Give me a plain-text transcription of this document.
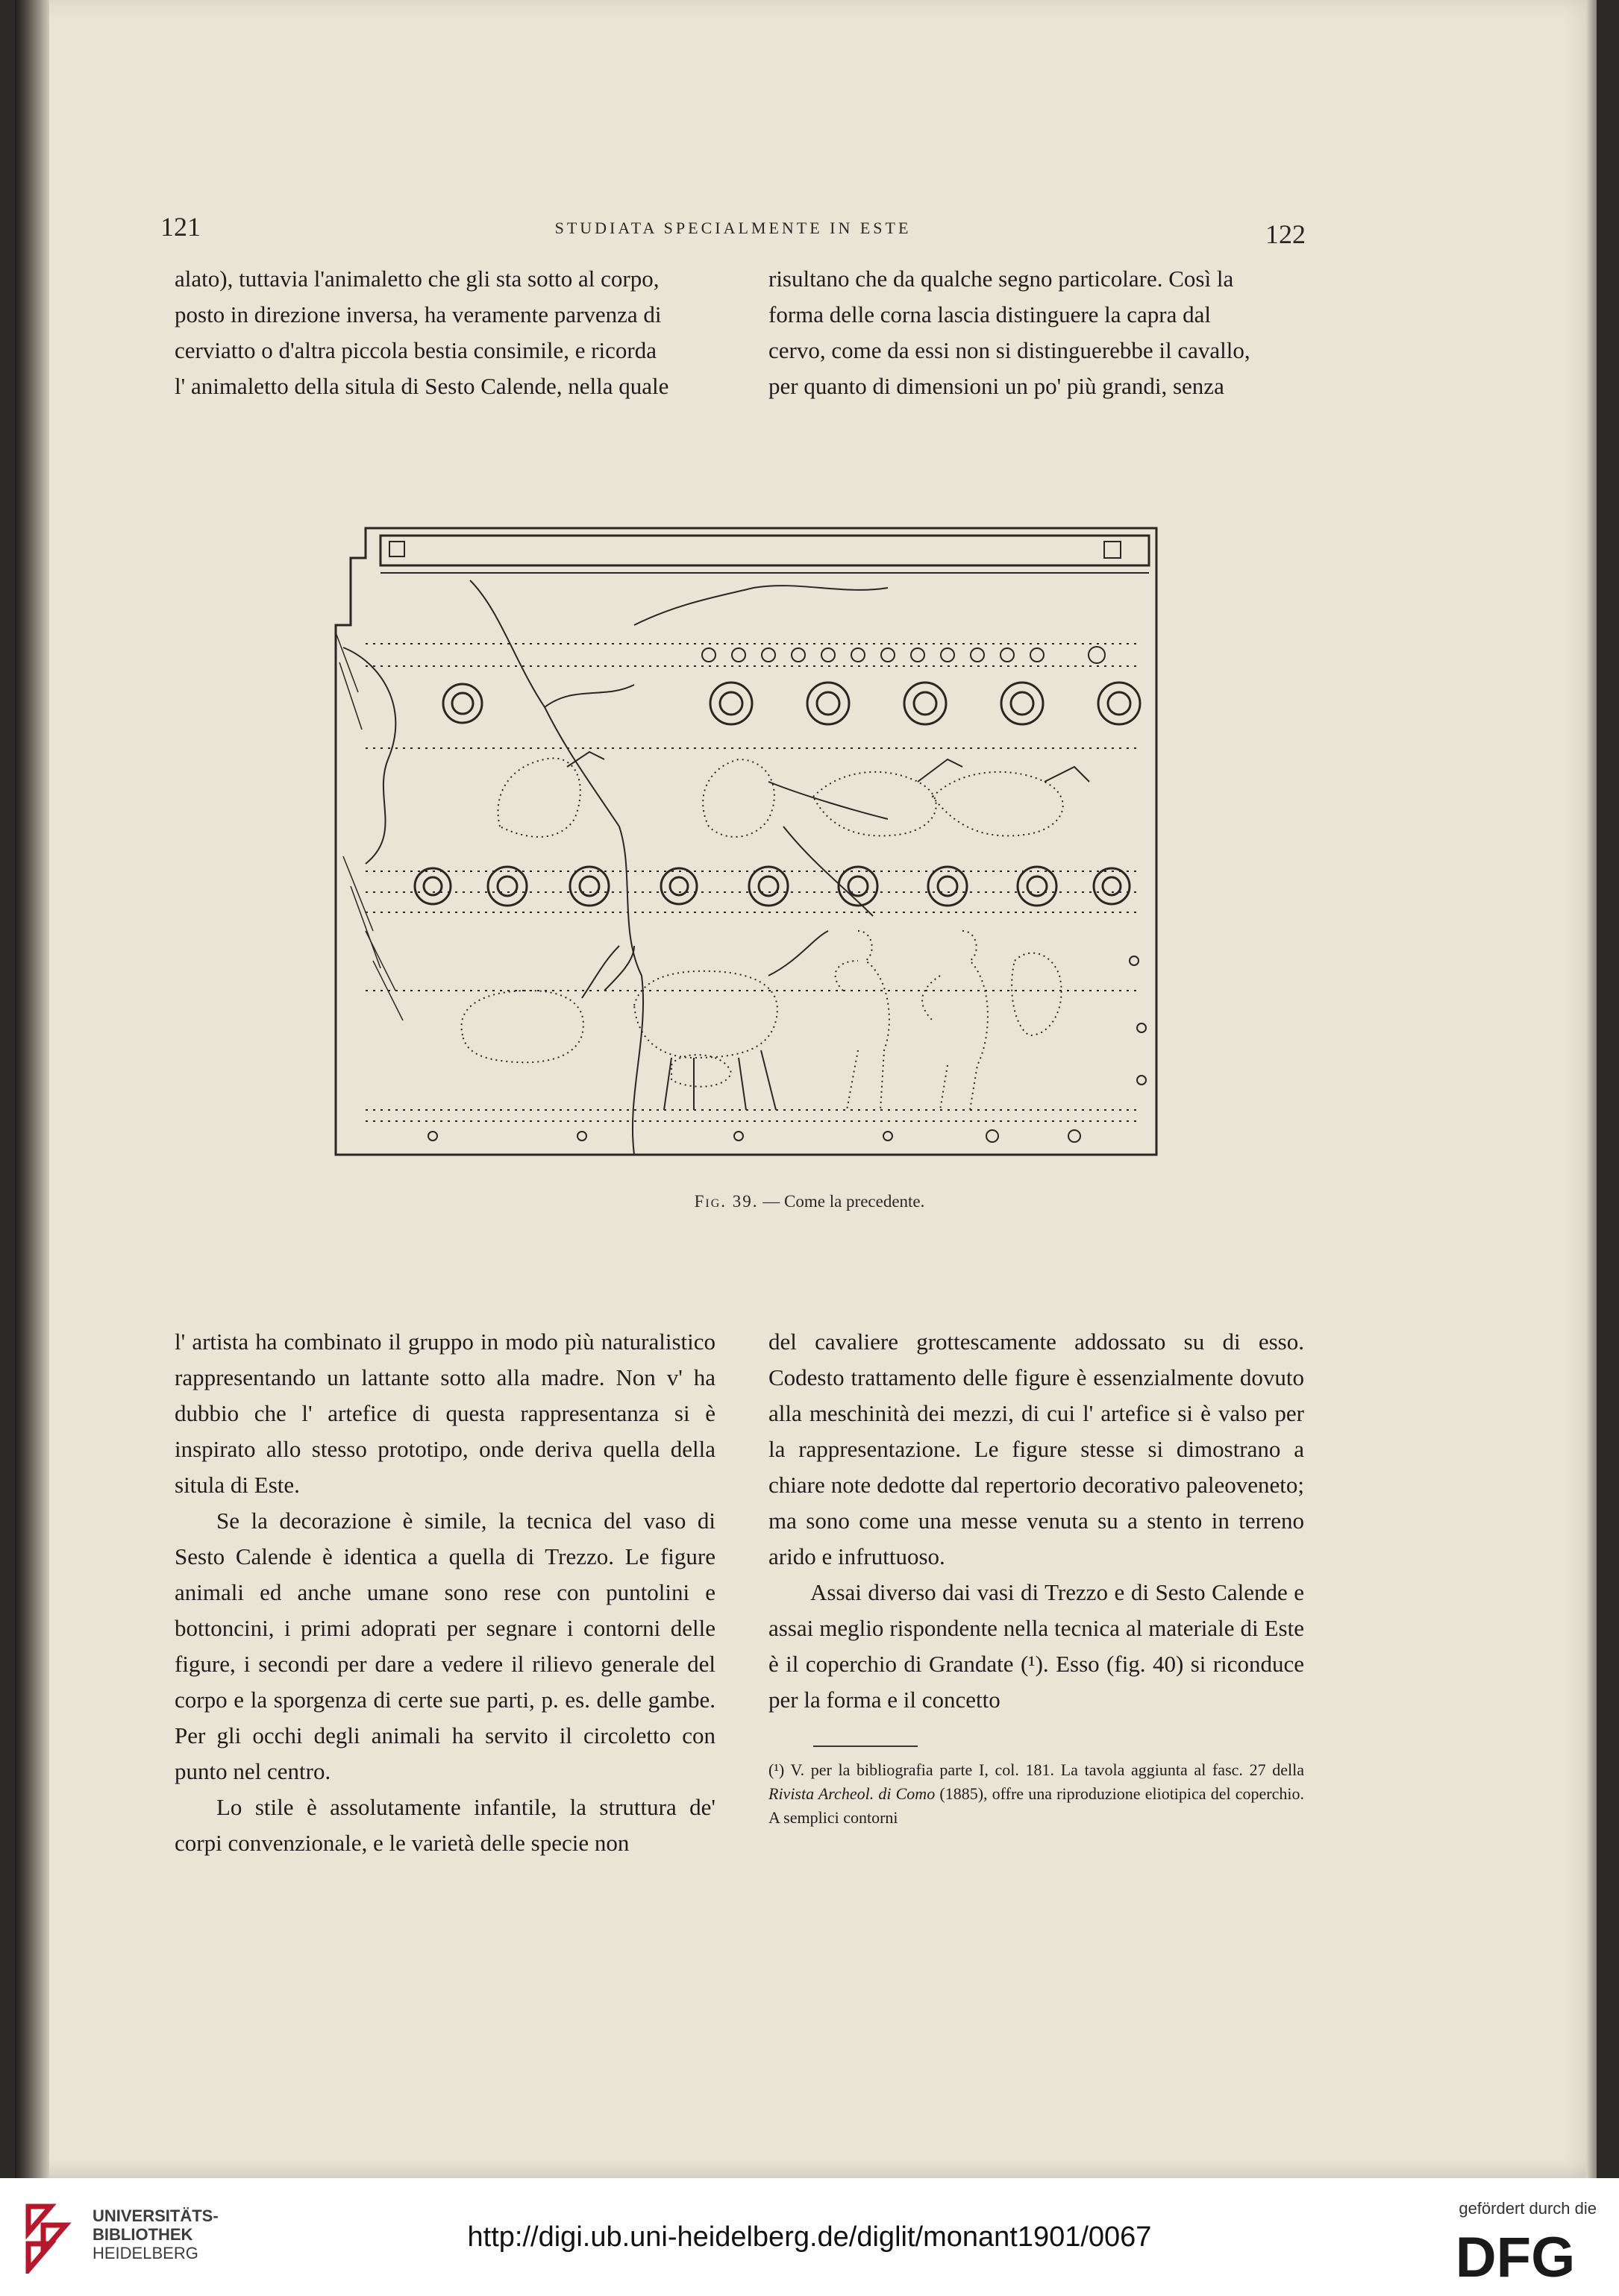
121	STUDIATA SPECIALMENTE IN ESTE	122

alato), tuttavia l'animaletto che gli sta sotto al corpo,

posto in direzione inversa, ha veramente parvenza di

cerviatto o d'altra piccola bestia consimile, e ricorda

l' animaletto della situla di Sesto Calende, nella quale

risultano che da qualche segno particolare. Così la

forma delle corna lascia distinguere la capra dal

cervo, come da essi non si distinguerebbe il cavallo,

per quanto di dimensioni un po' più grandi, senza

Fig. 39. — Come la precedente.

l' artista ha combinato il gruppo in modo più naturalistico rappresentando un lattante sotto alla madre. Non v' ha dubbio che l' artefice di questa rappresentanza si è inspirato allo stesso prototipo, onde deriva quella della situla di Este.

Se la decorazione è simile, la tecnica del vaso di Sesto Calende è identica a quella di Trezzo. Le figure animali ed anche umane sono rese con puntolini e bottoncini, i primi adoprati per segnare i contorni delle figure, i secondi per dare a vedere il rilievo generale del corpo e la sporgenza di certe sue parti, p. es. delle gambe. Per gli occhi degli animali ha servito il circoletto con punto nel centro.

Lo stile è assolutamente infantile, la struttura de' corpi convenzionale, e le varietà delle specie non

del cavaliere grottescamente addossato su di esso. Codesto trattamento delle figure è essenzialmente dovuto alla meschinità dei mezzi, di cui l' artefice si è valso per la rappresentazione. Le figure stesse si dimostrano a chiare note dedotte dal repertorio decorativo paleoveneto; ma sono come una messe venuta su a stento in terreno arido e infruttuoso.

Assai diverso dai vasi di Trezzo e di Sesto Calende e assai meglio rispondente nella tecnica al materiale di Este è il coperchio di Grandate (¹). Esso (fig. 40) si riconduce per la forma e il concetto

(¹) V. per la bibliografia parte I, col. 181. La tavola aggiunta al fasc. 27 della Rivista Archeol. di Como (1885), offre una riproduzione eliotipica del coperchio. A semplici contorni

UNIVERSITÄTS-
BIBLIOTHEK
HEIDELBERG
http://digi.ub.uni-heidelberg.de/diglit/monant1901/0067
gefördert durch die
DFG
